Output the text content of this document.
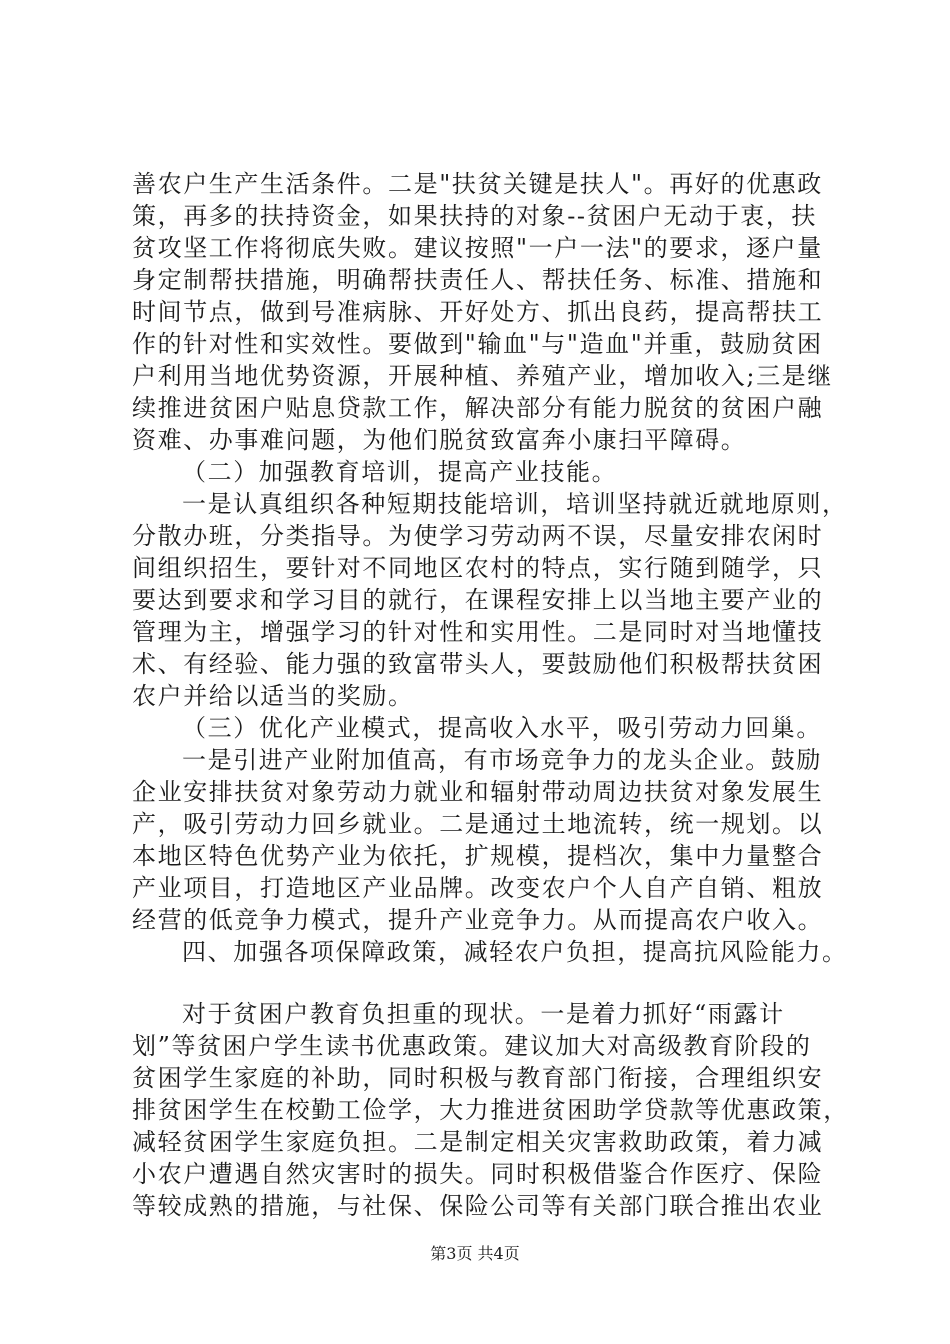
善农户生产生活条件。二是"扶贫关键是扶人"。再好的优惠政
策，再多的扶持资金，如果扶持的对象--贫困户无动于衷，扶
贫攻坚工作将彻底失败。建议按照"一户一法"的要求，逐户量
身定制帮扶措施，明确帮扶责任人、帮扶任务、标准、措施和
时间节点，做到号准病脉、开好处方、抓出良药，提高帮扶工
作的针对性和实效性。要做到"输血"与"造血"并重，鼓励贫困
户利用当地优势资源，开展种植、养殖产业，增加收入;三是继
续推进贫困户贴息贷款工作，解决部分有能力脱贫的贫困户融
资难、办事难问题，为他们脱贫致富奔小康扫平障碍。
（二）加强教育培训，提高产业技能。
一是认真组织各种短期技能培训，培训坚持就近就地原则，
分散办班，分类指导。为使学习劳动两不误，尽量安排农闲时
间组织招生，要针对不同地区农村的特点，实行随到随学，只
要达到要求和学习目的就行，在课程安排上以当地主要产业的
管理为主，增强学习的针对性和实用性。二是同时对当地懂技
术、有经验、能力强的致富带头人，要鼓励他们积极帮扶贫困
农户并给以适当的奖励。
（三）优化产业模式，提高收入水平，吸引劳动力回巢。
一是引进产业附加值高，有市场竞争力的龙头企业。鼓励
企业安排扶贫对象劳动力就业和辐射带动周边扶贫对象发展生
产，吸引劳动力回乡就业。二是通过土地流转，统一规划。以
本地区特色优势产业为依托，扩规模，提档次，集中力量整合
产业项目，打造地区产业品牌。改变农户个人自产自销、粗放
经营的低竞争力模式，提升产业竞争力。从而提高农户收入。
四、加强各项保障政策，减轻农户负担，提高抗风险能力。
对于贫困户教育负担重的现状。一是着力抓好“雨露计
划”等贫困户学生读书优惠政策。建议加大对高级教育阶段的
贫困学生家庭的补助，同时积极与教育部门衔接，合理组织安
排贫困学生在校勤工俭学，大力推进贫困助学贷款等优惠政策，
减轻贫困学生家庭负担。二是制定相关灾害救助政策，着力减
小农户遭遇自然灾害时的损失。同时积极借鉴合作医疗、保险
等较成熟的措施，与社保、保险公司等有关部门联合推出农业
第3页 共4页
